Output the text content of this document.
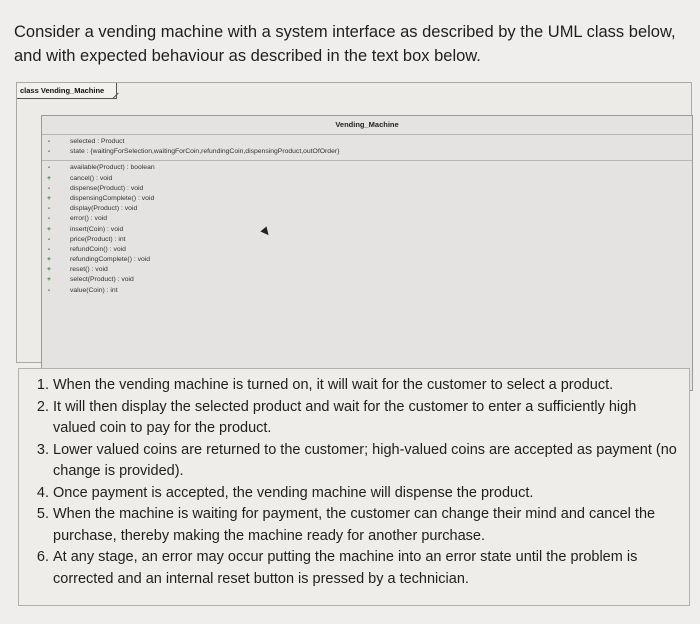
Consider a vending machine with a system interface as described by the UML class below, and with expected behaviour as described in the text box below.
class Vending_Machine
Vending_Machine
-	selected : Product
-	state : {waitingForSelection,waitingForCoin,refundingCoin,dispensingProduct,outOfOrder}
-	available(Product) : boolean
+	cancel() : void
-	dispense(Product) : void
+	dispensingComplete() : void
-	display(Product) : void
-	error() : void
+	insert(Coin) : void
-	price(Product) : int
-	refundCoin() : void
+	refundingComplete() : void
+	reset() : void
+	select(Product) : void
-	value(Coin) : int
1. When the vending machine is turned on, it will wait for the customer to select a product.
2. It will then display the selected product and wait for the customer to enter a sufficiently high valued coin to pay for the product.
3. Lower valued coins are returned to the customer; high-valued coins are accepted as payment (no change is provided).
4. Once payment is accepted, the vending machine will dispense the product.
5. When the machine is waiting for payment, the customer can change their mind and cancel the purchase, thereby making the machine ready for another purchase.
6. At any stage, an error may occur putting the machine into an error state until the problem is corrected and an internal reset button is pressed by a technician.
